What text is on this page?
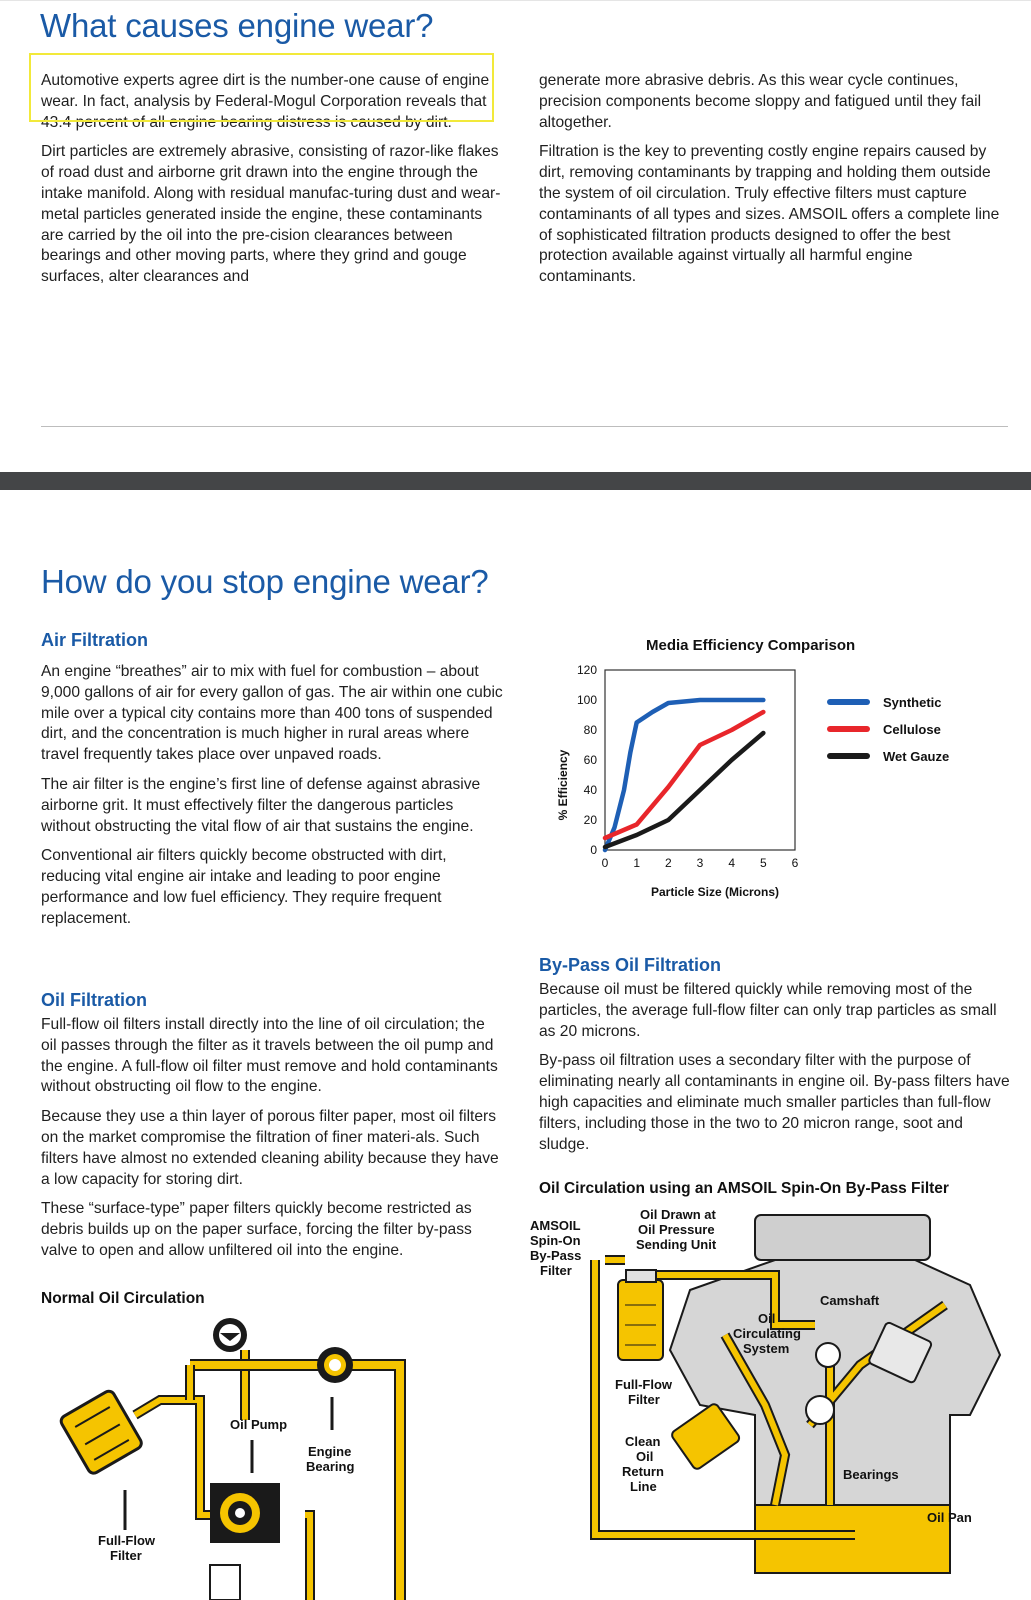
What causes engine wear?

Automotive experts agree dirt is the number-one cause of engine wear. In fact, analysis by Federal-Mogul Corporation reveals that 43.4 percent of all engine bearing distress is caused by dirt.

Dirt particles are extremely abrasive, consisting of razor-like flakes of road dust and airborne grit drawn into the engine through the intake manifold. Along with residual manufac-turing dust and wear-metal particles generated inside the engine, these contaminants are carried by the oil into the pre-cision clearances between bearings and other moving parts, where they grind and gouge surfaces, alter clearances and

generate more abrasive debris. As this wear cycle continues, precision components become sloppy and fatigued until they fail altogether.

Filtration is the key to preventing costly engine repairs caused by dirt, removing contaminants by trapping and holding them outside the system of oil circulation. Truly effective filters must capture contaminants of all types and sizes. AMSOIL offers a complete line of sophisticated filtration products designed to offer the best protection available against virtually all harmful engine contaminants.

How do you stop engine wear?
Air Filtration

An engine “breathes” air to mix with fuel for combustion – about 9,000 gallons of air for every gallon of gas. The air within one cubic mile over a typical city contains more than 400 tons of suspended dirt, and the concentration is much higher in rural areas where travel frequently takes place over unpaved roads.

The air filter is the engine’s first line of defense against abrasive airborne grit. It must effectively filter the dangerous particles without obstructing the vital flow of air that sustains the engine.

Conventional air filters quickly become obstructed with dirt, reducing vital engine air intake and leading to poor engine performance and low fuel efficiency. They require frequent replacement.

Oil Filtration

Full-flow oil filters install directly into the line of oil circulation; the oil passes through the filter as it travels between the oil pump and the engine. A full-flow oil filter must remove and hold contaminants without obstructing oil flow to the engine.

Because they use a thin layer of porous filter paper, most oil filters on the market compromise the filtration of finer materi-als. Such filters have almost no extended cleaning ability because they have a low capacity for storing dirt.

These “surface-type” paper filters quickly become restricted as debris builds up on the paper surface, forcing the filter by-pass valve to open and allow unfiltered oil into the engine.

Normal Oil Circulation
Oil Pump
Engine
Bearing
Full-Flow
Filter
Media Efficiency Comparison
0
20
40
60
80
100
120
0 1 2 3 4 5 6
Synthetic
Cellulose
Wet Gauze
% Efficiency
Particle Size (Microns)
By-Pass Oil Filtration

Because oil must be filtered quickly while removing most of the particles, the average full-flow filter can only trap particles as small as 20 microns.

By-pass oil filtration uses a secondary filter with the purpose of eliminating nearly all contaminants in engine oil. By-pass filters have high capacities and eliminate much smaller particles than full-flow filters, including those in the two to 20 micron range, soot and sludge.

Oil Circulation using an AMSOIL Spin-On By-Pass Filter
AMSOIL
Spin-On
By-Pass
Filter
Oil Drawn at
Oil Pressure
Sending Unit
Camshaft
Oil
Circulating
System
Full-Flow
Filter
Clean
Oil
Return
Line
Bearings
Oil Pan
